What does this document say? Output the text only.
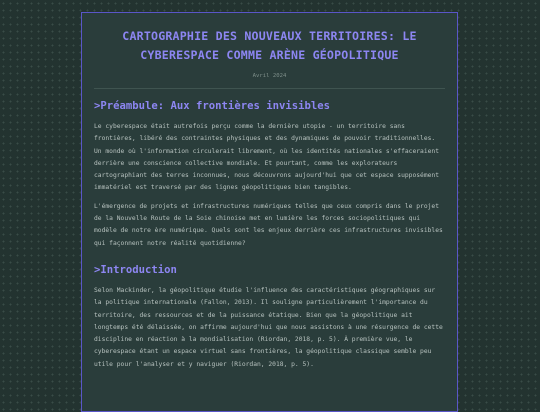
CARTOGRAPHIE DES NOUVEAUX TERRITOIRES: LE CYBERESPACE COMME ARÈNE GÉOPOLITIQUE
Avril 2024
>Préambule: Aux frontières invisibles

Le cyberespace était autrefois perçu comme la dernière utopie - un territoire sans frontières, libéré des contraintes physiques et des dynamiques de pouvoir traditionnelles. Un monde où l'information circulerait librement, où les identités nationales s'effaceraient derrière une conscience collective mondiale. Et pourtant, comme les explorateurs cartographiant des terres inconnues, nous découvrons aujourd'hui que cet espace supposément immatériel est traversé par des lignes géopolitiques bien tangibles.

L'émergence de projets et infrastructures numériques telles que ceux compris dans le projet de la Nouvelle Route de la Soie chinoise met en lumière les forces sociopolitiques qui modèle de notre ère numérique. Quels sont les enjeux derrière ces infrastructures invisibles qui façonnent notre réalité quotidienne?

>Introduction

Selon Mackinder, la géopolitique étudie l'influence des caractéristiques géographiques sur la politique internationale (Fallon, 2013). Il souligne particulièrement l'importance du territoire, des ressources et de la puissance étatique. Bien que la géopolitique ait longtemps été délaissée, on affirme aujourd'hui que nous assistons à une résurgence de cette discipline en réaction à la mondialisation (Riordan, 2018, p. 5). À première vue, le cyberespace étant un espace virtuel sans frontières, la géopolitique classique semble peu utile pour l'analyser et y naviguer (Riordan, 2018, p. 5).
